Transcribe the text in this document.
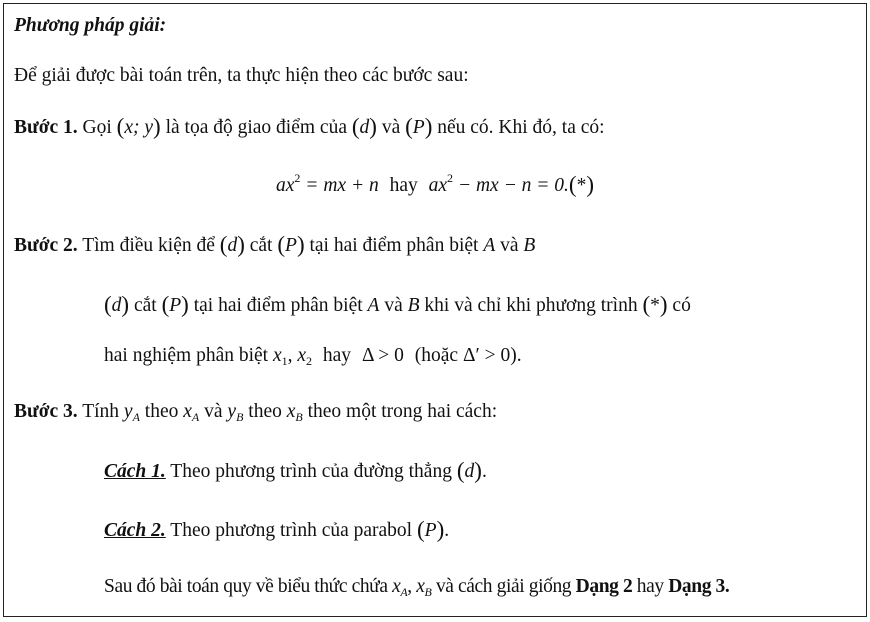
Phương pháp giải:
Để giải được bài toán trên, ta thực hiện theo các bước sau:
Bước 1. Gọi (x; y) là tọa độ giao điểm của (d) và (P) nếu có. Khi đó, ta có:
$ax^2$ = mx + n hay $ax^2$ − mx − n = 0.(*)
Bước 2. Tìm điều kiện để (d) cắt (P) tại hai điểm phân biệt A và B
(d) cắt (P) tại hai điểm phân biệt A và B khi và chỉ khi phương trình (*) có
hai nghiệm phân biệt $x_1$, $x_2$ hay Δ > 0 (hoặc Δ′ > 0).
Bước 3. Tính $y_A$ theo $x_A$ và $y_B$ theo $x_B$ theo một trong hai cách:
Cách 1. Theo phương trình của đường thẳng (d).
Cách 2. Theo phương trình của parabol (P).
Sau đó bài toán quy về biểu thức chứa $x_A$, $x_B$ và cách giải giống Dạng 2 hay Dạng 3.
